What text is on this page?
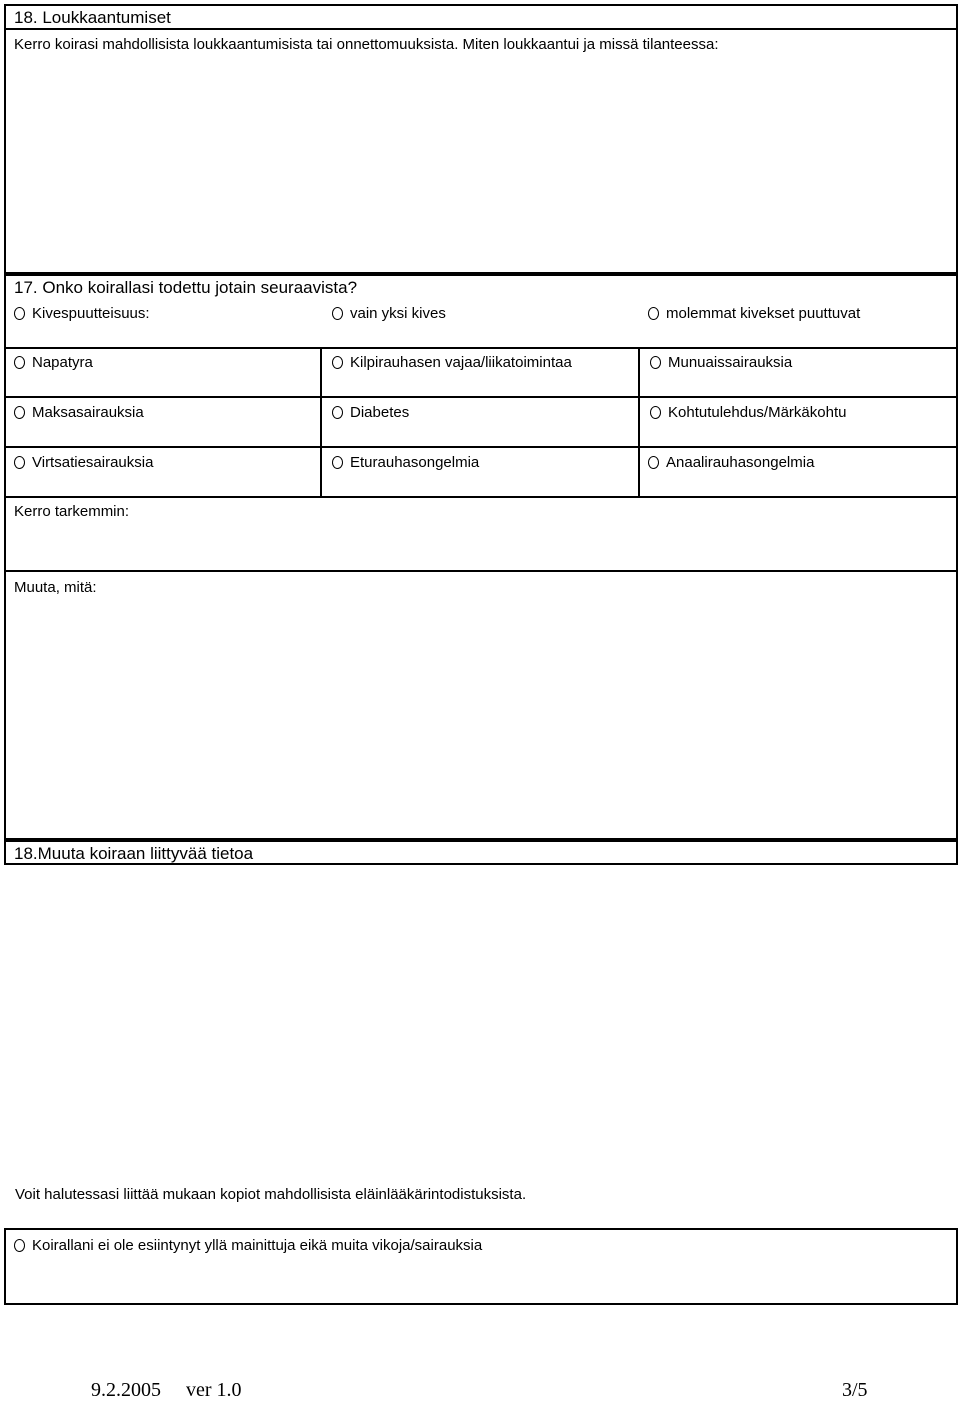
18. Loukkaantumiset
Kerro koirasi mahdollisista loukkaantumisista tai onnettomuuksista. Miten loukkaantui ja missä tilanteessa:
17. Onko koirallasi todettu jotain seuraavista?
Kivespuutteisuus:	vain yksi kives	molemmat kivekset puuttuvat
Napatyra	Kilpirauhasen vajaa/liikatoimintaa	Munuaissairauksia
Maksasairauksia	Diabetes	Kohtutulehdus/Märkäkohtu
Virtsatiesairauksia	Eturauhasongelmia	Anaalirauhasongelmia
Kerro tarkemmin:
Muuta, mitä:
18.Muuta koiraan liittyvää tietoa
Voit halutessasi liittää mukaan kopiot mahdollisista eläinlääkärintodistuksista.
Koirallani ei ole esiintynyt yllä mainittuja eikä muita vikoja/sairauksia
9.2.2005 ver 1.0	3/5
